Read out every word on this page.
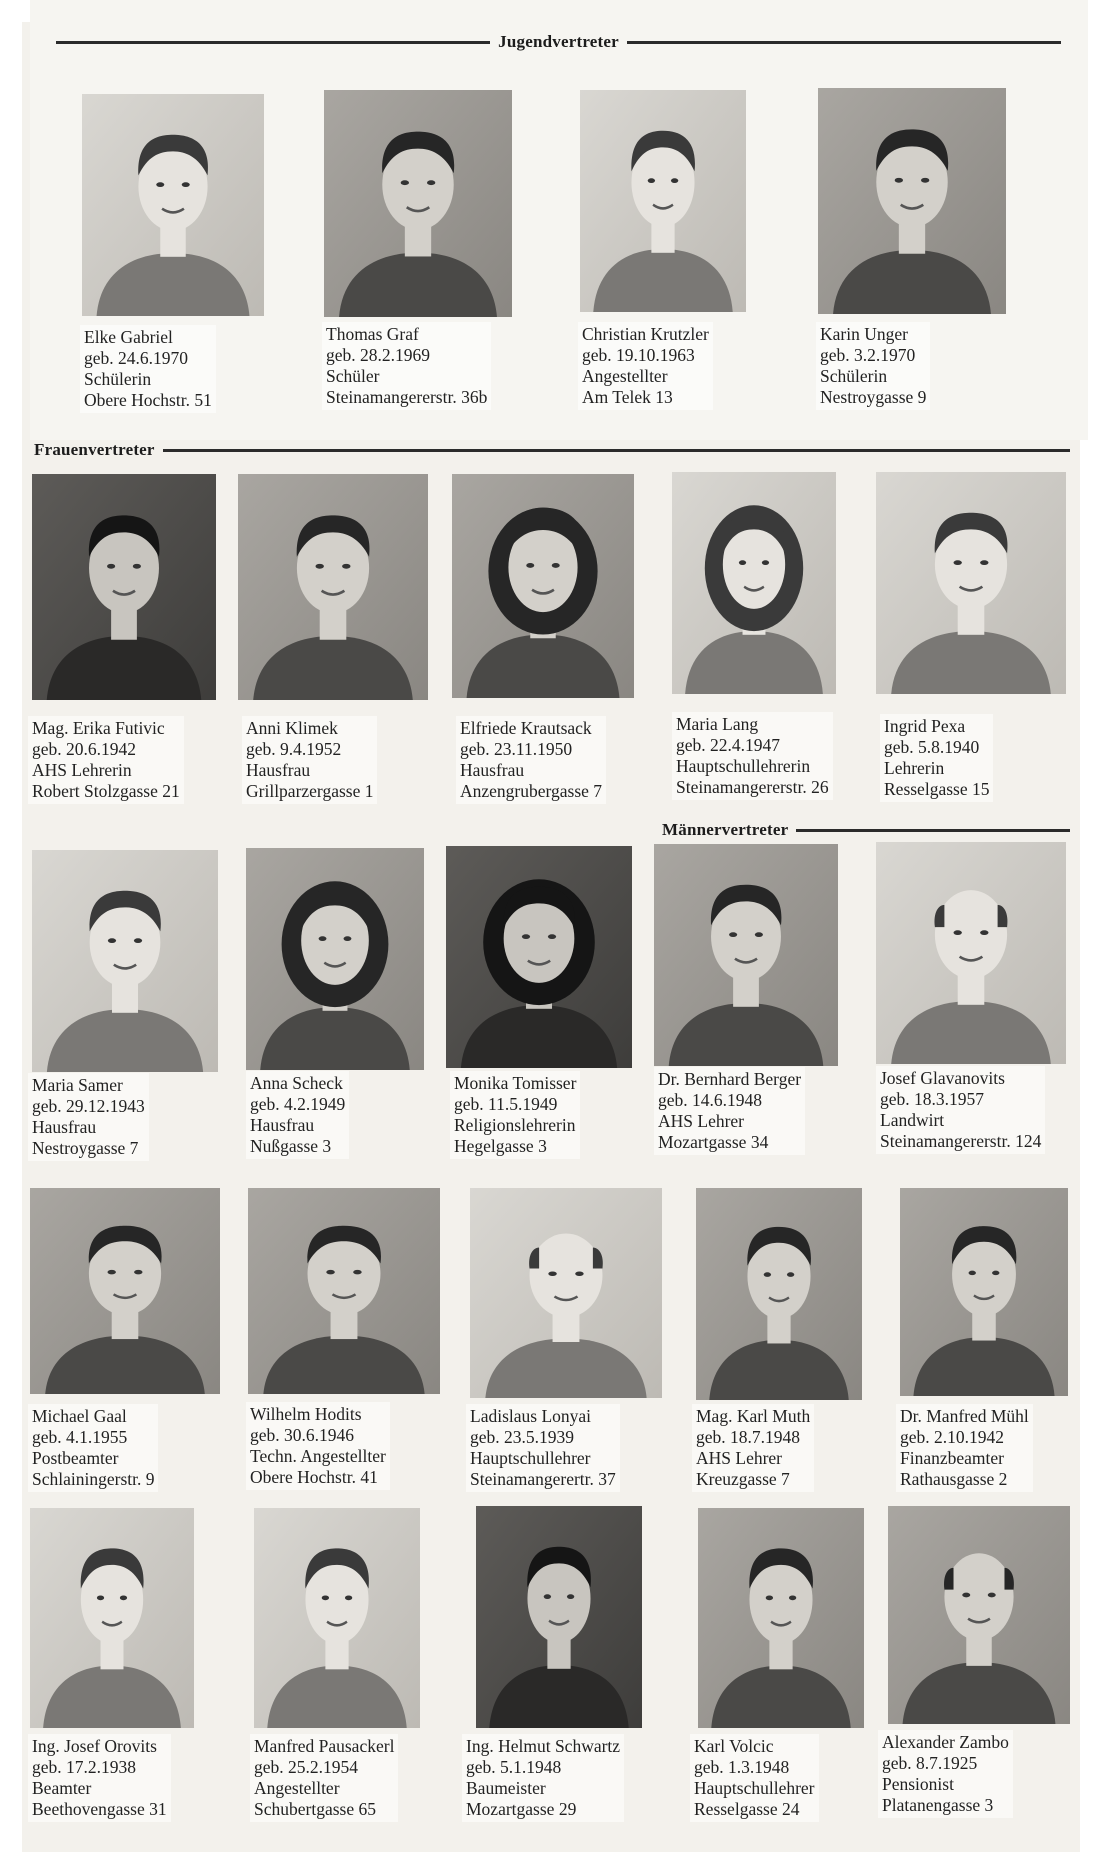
Jugendvertreter
Frauenvertreter
Männervertreter
Elke Gabriel
geb. 24.6.1970
Schülerin
Obere Hochstr. 51
Thomas Graf
geb. 28.2.1969
Schüler
Steinamangererstr. 36b
Christian Krutzler
geb. 19.10.1963
Angestellter
Am Telek 13
Karin Unger
geb. 3.2.1970
Schülerin
Nestroygasse 9
Mag. Erika Futivic
geb. 20.6.1942
AHS Lehrerin
Robert Stolzgasse 21
Anni Klimek
geb. 9.4.1952
Hausfrau
Grillparzergasse 1
Elfriede Krautsack
geb. 23.11.1950
Hausfrau
Anzengrubergasse 7
Maria Lang
geb. 22.4.1947
Hauptschullehrerin
Steinamangererstr. 26
Ingrid Pexa
geb. 5.8.1940
Lehrerin
Resselgasse 15
Maria Samer
geb. 29.12.1943
Hausfrau
Nestroygasse 7
Anna Scheck
geb. 4.2.1949
Hausfrau
Nußgasse 3
Monika Tomisser
geb. 11.5.1949
Religionslehrerin
Hegelgasse 3
Dr. Bernhard Berger
geb. 14.6.1948
AHS Lehrer
Mozartgasse 34
Josef Glavanovits
geb. 18.3.1957
Landwirt
Steinamangererstr. 124
Michael Gaal
geb. 4.1.1955
Postbeamter
Schlainingerstr. 9
Wilhelm Hodits
geb. 30.6.1946
Techn. Angestellter
Obere Hochstr. 41
Ladislaus Lonyai
geb. 23.5.1939
Hauptschullehrer
Steinamangerertr. 37
Mag. Karl Muth
geb. 18.7.1948
AHS Lehrer
Kreuzgasse 7
Dr. Manfred Mühl
geb. 2.10.1942
Finanzbeamter
Rathausgasse 2
Ing. Josef Orovits
geb. 17.2.1938
Beamter
Beethovengasse 31
Manfred Pausackerl
geb. 25.2.1954
Angestellter
Schubertgasse 65
Ing. Helmut Schwartz
geb. 5.1.1948
Baumeister
Mozartgasse 29
Karl Volcic
geb. 1.3.1948
Hauptschullehrer
Resselgasse 24
Alexander Zambo
geb. 8.7.1925
Pensionist
Platanengasse 3
